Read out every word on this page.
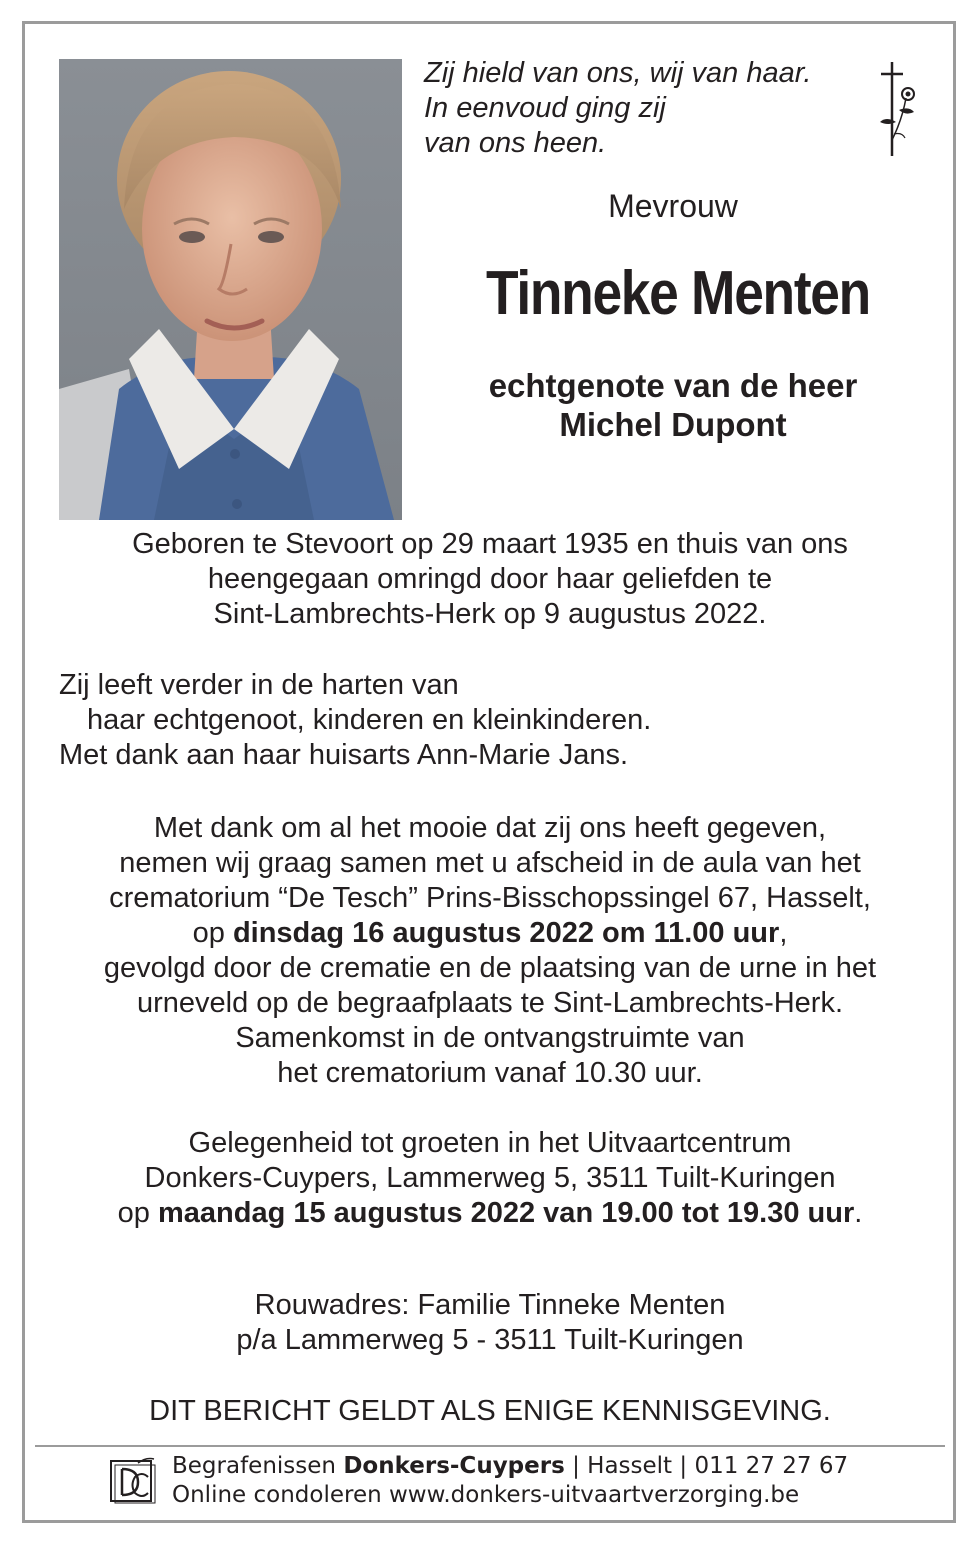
Zij hield van ons, wij van haar.
In eenvoud ging zij
van ons heen.
Mevrouw
Tinneke Menten
echtgenote van de heer
Michel Dupont
Geboren te Stevoort op 29 maart 1935 en thuis van ons
heengegaan omringd door haar geliefden te
Sint-Lambrechts-Herk op 9 augustus 2022.
Zij leeft verder in de harten van
haar echtgenoot, kinderen en kleinkinderen.
Met dank aan haar huisarts Ann-Marie Jans.
Met dank om al het mooie dat zij ons heeft gegeven,
nemen wij graag samen met u afscheid in de aula van het
crematorium “De Tesch” Prins-Bisschopssingel 67, Hasselt,
op dinsdag 16 augustus 2022 om 11.00 uur,
gevolgd door de crematie en de plaatsing van de urne in het
urneveld op de begraafplaats te Sint-Lambrechts-Herk.
Samenkomst in de ontvangstruimte van
het crematorium vanaf 10.30 uur.
Gelegenheid tot groeten in het Uitvaartcentrum
Donkers-Cuypers, Lammerweg 5, 3511 Tuilt-Kuringen
op maandag 15 augustus 2022 van 19.00 tot 19.30 uur.
Rouwadres: Familie Tinneke Menten
p/a Lammerweg 5 - 3511 Tuilt-Kuringen
DIT BERICHT GELDT ALS ENIGE KENNISGEVING.
Begrafenissen Donkers-Cuypers | Hasselt | 011 27 27 67
Online condoleren www.donkers-uitvaartverzorging.be
